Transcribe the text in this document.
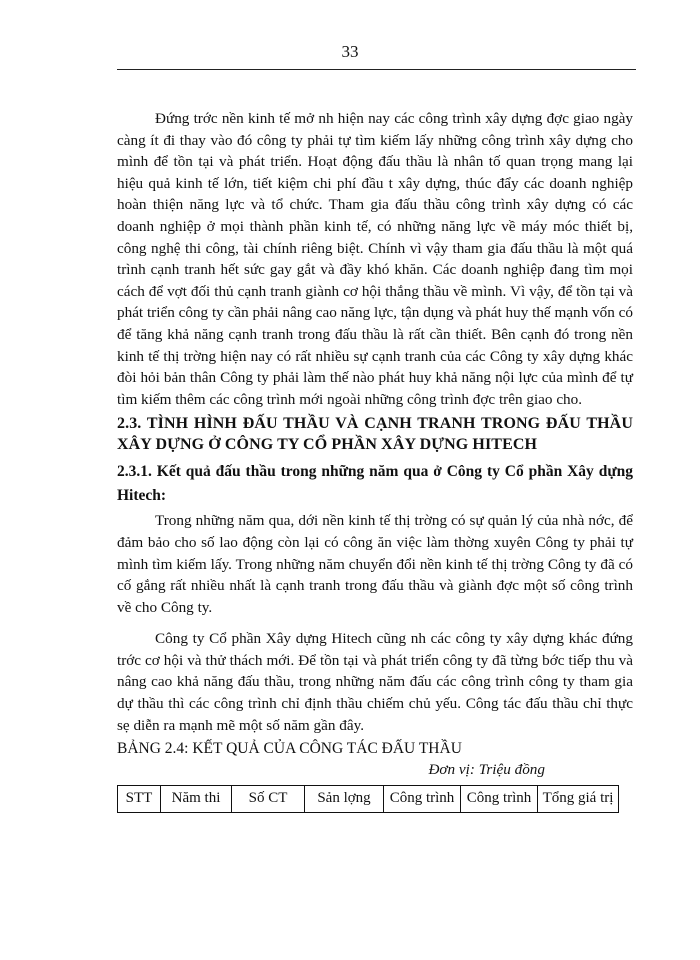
33

Đứng trớc nền kinh tế mở nh hiện nay các công trình xây dựng đợc giao ngày càng ít đi thay vào đó công ty phải tự tìm kiếm lấy những công trình xây dựng cho mình để tồn tại và phát triển. Hoạt động đấu thầu là nhân tố quan trọng mang lại hiệu quả kinh tế lớn, tiết kiệm chi phí đầu t xây dựng, thúc đẩy các doanh nghiệp hoàn thiện năng lực và tổ chức. Tham gia đấu thầu công trình xây dựng có các doanh nghiệp ở mọi thành phần kinh tế, có những năng lực về máy móc thiết bị, công nghệ thi công, tài chính riêng biệt. Chính vì vậy tham gia đấu thầu là một quá trình cạnh tranh hết sức gay gắt và đầy khó khăn. Các doanh nghiệp đang tìm mọi cách để vợt đối thủ cạnh tranh giành cơ hội thắng thầu về mình. Vì vậy, để tồn tại và phát triển công ty cần phải nâng cao năng lực, tận dụng và phát huy thế mạnh vốn có để tăng khả năng cạnh tranh trong đấu thầu là rất cần thiết. Bên cạnh đó trong nền kinh tế thị trờng hiện nay có rất nhiều sự cạnh tranh của các Công ty xây dựng khác đòi hỏi bản thân Công ty phải làm thế nào phát huy khả năng nội lực của mình để tự tìm kiếm thêm các công trình mới ngoài những công trình đợc trên giao cho.

2.3. TÌNH HÌNH ĐẤU THẦU VÀ CẠNH TRANH TRONG ĐẤU THẦU XÂY DỰNG Ở CÔNG TY CỔ PHẦN XÂY DỰNG HITECH

2.3.1. Kết quả đấu thầu trong những năm qua ở Công ty Cổ phần Xây dựng Hitech:

Trong những năm qua, dới nền kinh tế thị trờng có sự quản lý của nhà nớc, để đảm bảo cho số lao động còn lại có công ăn việc làm thờng xuyên Công ty phải tự mình tìm kiếm lấy. Trong những năm chuyển đổi nền kinh tế thị trờng Công ty đã có cố gắng rất nhiều nhất là cạnh tranh trong đấu thầu và giành đợc một số công trình về cho Công ty.

Công ty Cổ phần Xây dựng Hitech cũng nh các công ty xây dựng khác đứng trớc cơ hội và thử thách mới. Để tồn tại và phát triển công ty đã từng bớc tiếp thu và nâng cao khả năng đấu thầu, trong những năm đấu các công trình công ty tham gia dự thầu thì các công trình chỉ định thầu chiếm chủ yếu. Công tác đấu thầu chỉ thực sẹ diễn ra mạnh mẽ một số năm gần đây.

BẢNG 2.4: KẾT QUẢ CỦA CÔNG TÁC ĐẤU THẦU

Đơn vị: Triệu đồng

STT	Năm thi	Số CT	Sản lợng	Công trình	Công trình	Tổng giá trị
